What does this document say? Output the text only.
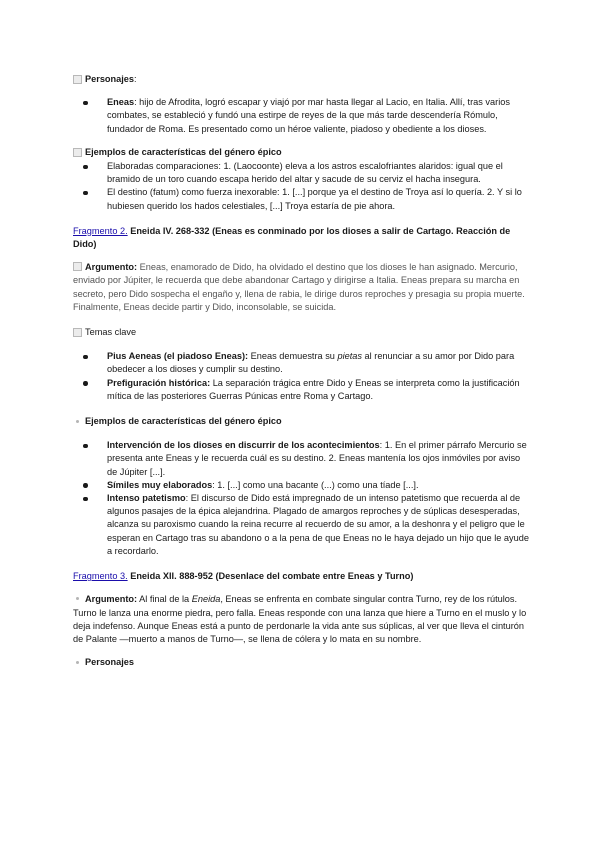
Personajes :
Eneas: hijo de Afrodita, logró escapar y viajó por mar hasta llegar al Lacio, en Italia. Allí, tras varios combates, se estableció y fundó una estirpe de reyes de la que más tarde descendería Rómulo, fundador de Roma. Es presentado como un héroe valiente, piadoso y obediente a los dioses.
Ejemplos de características del género épico
Elaboradas comparaciones: 1. (Laocoonte) eleva a los astros escalofriantes alaridos: igual que el bramido de un toro cuando escapa herido del altar y sacude de su cerviz el hacha insegura.
El destino (fatum) como fuerza inexorable: 1. [...] porque ya el destino de Troya así lo quería. 2. Y si lo hubiesen querido los hados celestiales, [...] Troya estaría de pie ahora.

Fragmento 2. Eneida IV. 268-332 (Eneas es conminado por los dioses a salir de Cartago. Reacción de Dido)

Argumento: Eneas, enamorado de Dido, ha olvidado el destino que los dioses le han asignado. Mercurio, enviado por Júpiter, le recuerda que debe abandonar Cartago y dirigirse a Italia. Eneas prepara su marcha en secreto, pero Dido sospecha el engaño y, llena de rabia, le dirige duros reproches y presagia su propia muerte. Finalmente, Eneas decide partir y Dido, inconsolable, se suicida.

Temas clave
Pius Aeneas (el piadoso Eneas): Eneas demuestra su pietas al renunciar a su amor por Dido para obedecer a los dioses y cumplir su destino.
Prefiguración histórica: La separación trágica entre Dido y Eneas se interpreta como la justificación mítica de las posteriores Guerras Púnicas entre Roma y Cartago.
Ejemplos de características del género épico
Intervención de los dioses en discurrir de los acontecimientos: 1. En el primer párrafo Mercurio se presenta ante Eneas y le recuerda cuál es su destino. 2. Eneas mantenía los ojos inmóviles por aviso de Júpiter [...].
Símiles muy elaborados: 1. [...] como una bacante (...) como una tíade [...].
Intenso patetismo: El discurso de Dido está impregnado de un intenso patetismo que recuerda al de algunos pasajes de la épica alejandrina. Plagado de amargos reproches y de súplicas desesperadas, alcanza su paroxismo cuando la reina recurre al recuerdo de su amor, a la deshonra y el peligro que le esperan en Cartago tras su abandono o a la pena de que Eneas no le haya dejado un hijo que le ayude a recordarlo.

Fragmento 3. Eneida XII. 888-952 (Desenlace del combate entre Eneas y Turno)

Argumento: Al final de la Eneida, Eneas se enfrenta en combate singular contra Turno, rey de los rútulos. Turno le lanza una enorme piedra, pero falla. Eneas responde con una lanza que hiere a Turno en el muslo y lo deja indefenso. Aunque Eneas está a punto de perdonarle la vida ante sus súplicas, al ver que lleva el cinturón de Palante —muerto a manos de Turno—, se llena de cólera y lo mata en su nombre.

Personajes
